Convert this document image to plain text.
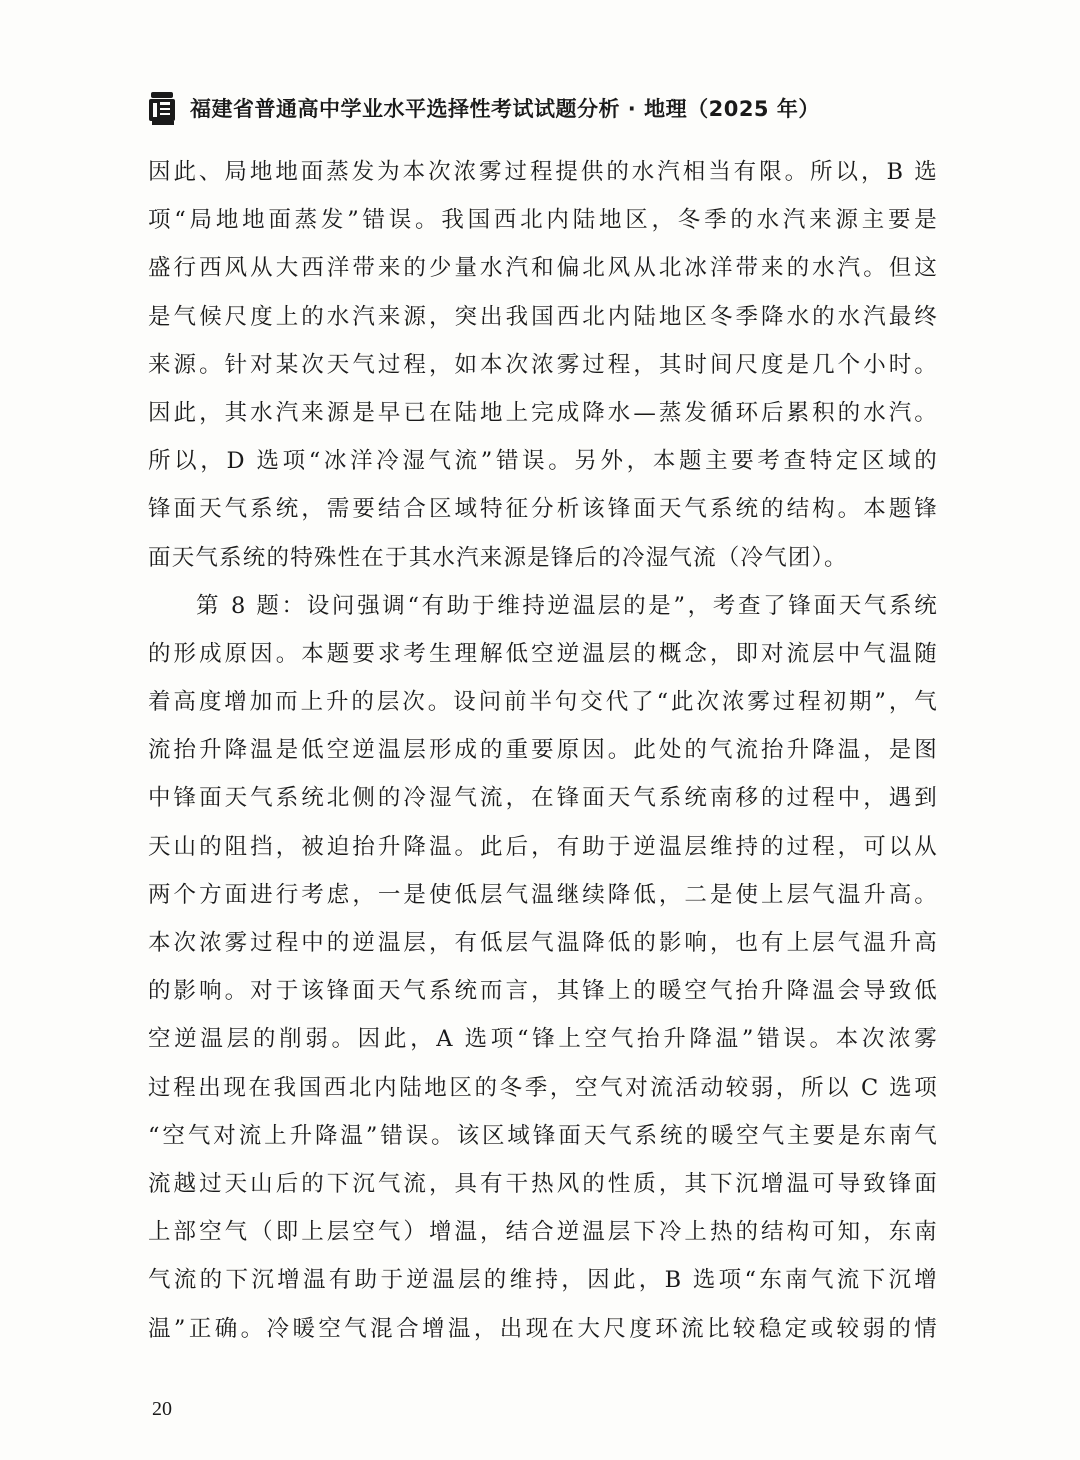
福建省普通高中学业水平选择性考试试题分析 · 地理（2025 年）
因此、局地地面蒸发为本次浓雾过程提供的水汽相当有限。所以，B 选
项“局地地面蒸发”错误。我国西北内陆地区，冬季的水汽来源主要是
盛行西风从大西洋带来的少量水汽和偏北风从北冰洋带来的水汽。但这
是气候尺度上的水汽来源，突出我国西北内陆地区冬季降水的水汽最终
来源。针对某次天气过程，如本次浓雾过程，其时间尺度是几个小时。
因此，其水汽来源是早已在陆地上完成降水—蒸发循环后累积的水汽。
所以，D 选项“冰洋冷湿气流”错误。另外，本题主要考查特定区域的
锋面天气系统，需要结合区域特征分析该锋面天气系统的结构。本题锋
面天气系统的特殊性在于其水汽来源是锋后的冷湿气流（冷气团）。
第 8 题：设问强调“有助于维持逆温层的是”，考查了锋面天气系统
的形成原因。本题要求考生理解低空逆温层的概念，即对流层中气温随
着高度增加而上升的层次。设问前半句交代了“此次浓雾过程初期”，气
流抬升降温是低空逆温层形成的重要原因。此处的气流抬升降温，是图
中锋面天气系统北侧的冷湿气流，在锋面天气系统南移的过程中，遇到
天山的阻挡，被迫抬升降温。此后，有助于逆温层维持的过程，可以从
两个方面进行考虑，一是使低层气温继续降低，二是使上层气温升高。
本次浓雾过程中的逆温层，有低层气温降低的影响，也有上层气温升高
的影响。对于该锋面天气系统而言，其锋上的暖空气抬升降温会导致低
空逆温层的削弱。因此，A 选项“锋上空气抬升降温”错误。本次浓雾
过程出现在我国西北内陆地区的冬季，空气对流活动较弱，所以 C 选项
“空气对流上升降温”错误。该区域锋面天气系统的暖空气主要是东南气
流越过天山后的下沉气流，具有干热风的性质，其下沉增温可导致锋面
上部空气（即上层空气）增温，结合逆温层下冷上热的结构可知，东南
气流的下沉增温有助于逆温层的维持，因此，B 选项“东南气流下沉增
温”正确。冷暖空气混合增温，出现在大尺度环流比较稳定或较弱的情
20
